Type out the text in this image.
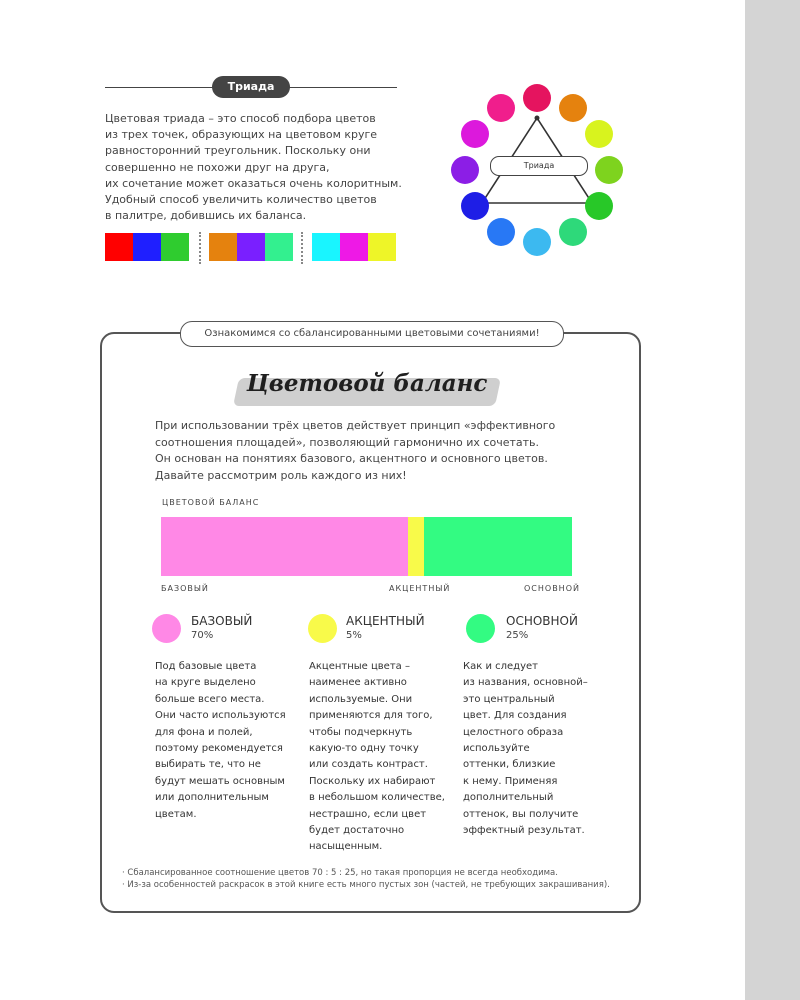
Триада

Цветовая триада – это способ подбора цветов
из трех точек, образующих на цветовом круге
равносторонний треугольник. Поскольку они
совершенно не похожи друг на друга,
их сочетание может оказаться очень колоритным.
Удобный способ увеличить количество цветов
в палитре, добившись их баланса.

Триада
Ознакомимся со сбалансированными цветовыми сочетаниями!
Цветовой баланс

При использовании трёх цветов действует принцип «эффективного
соотношения площадей», позволяющий гармонично их сочетать.
Он основан на понятиях базового, акцентного и основного цветов.
Давайте рассмотрим роль каждого из них!

ЦВЕТОВОЙ БАЛАНС
БАЗОВЫЙ	АКЦЕНТНЫЙ	ОСНОВНОЙ
БАЗОВЫЙ
70%
АКЦЕНТНЫЙ
5%
ОСНОВНОЙ
25%

Под базовые цвета
на круге выделено
больше всего места.
Они часто используются
для фона и полей,
поэтому рекомендуется
выбирать те, что не
будут мешать основным
или дополнительным
цветам.

Акцентные цвета –
наименее активно
используемые. Они
применяются для того,
чтобы подчеркнуть
какую-то одну точку
или создать контраст.
Поскольку их набирают
в небольшом количестве,
нестрашно, если цвет
будет достаточно
насыщенным.

Как и следует
из названия, основной–
это центральный
цвет. Для создания
целостного образа
используйте
оттенки, близкие
к нему. Применяя
дополнительный
оттенок, вы получите
эффектный результат.

· Сбалансированное соотношение цветов 70 : 5 : 25, но такая пропорция не всегда необходима.
· Из-за особенностей раскрасок в этой книге есть много пустых зон (частей, не требующих закрашивания).
